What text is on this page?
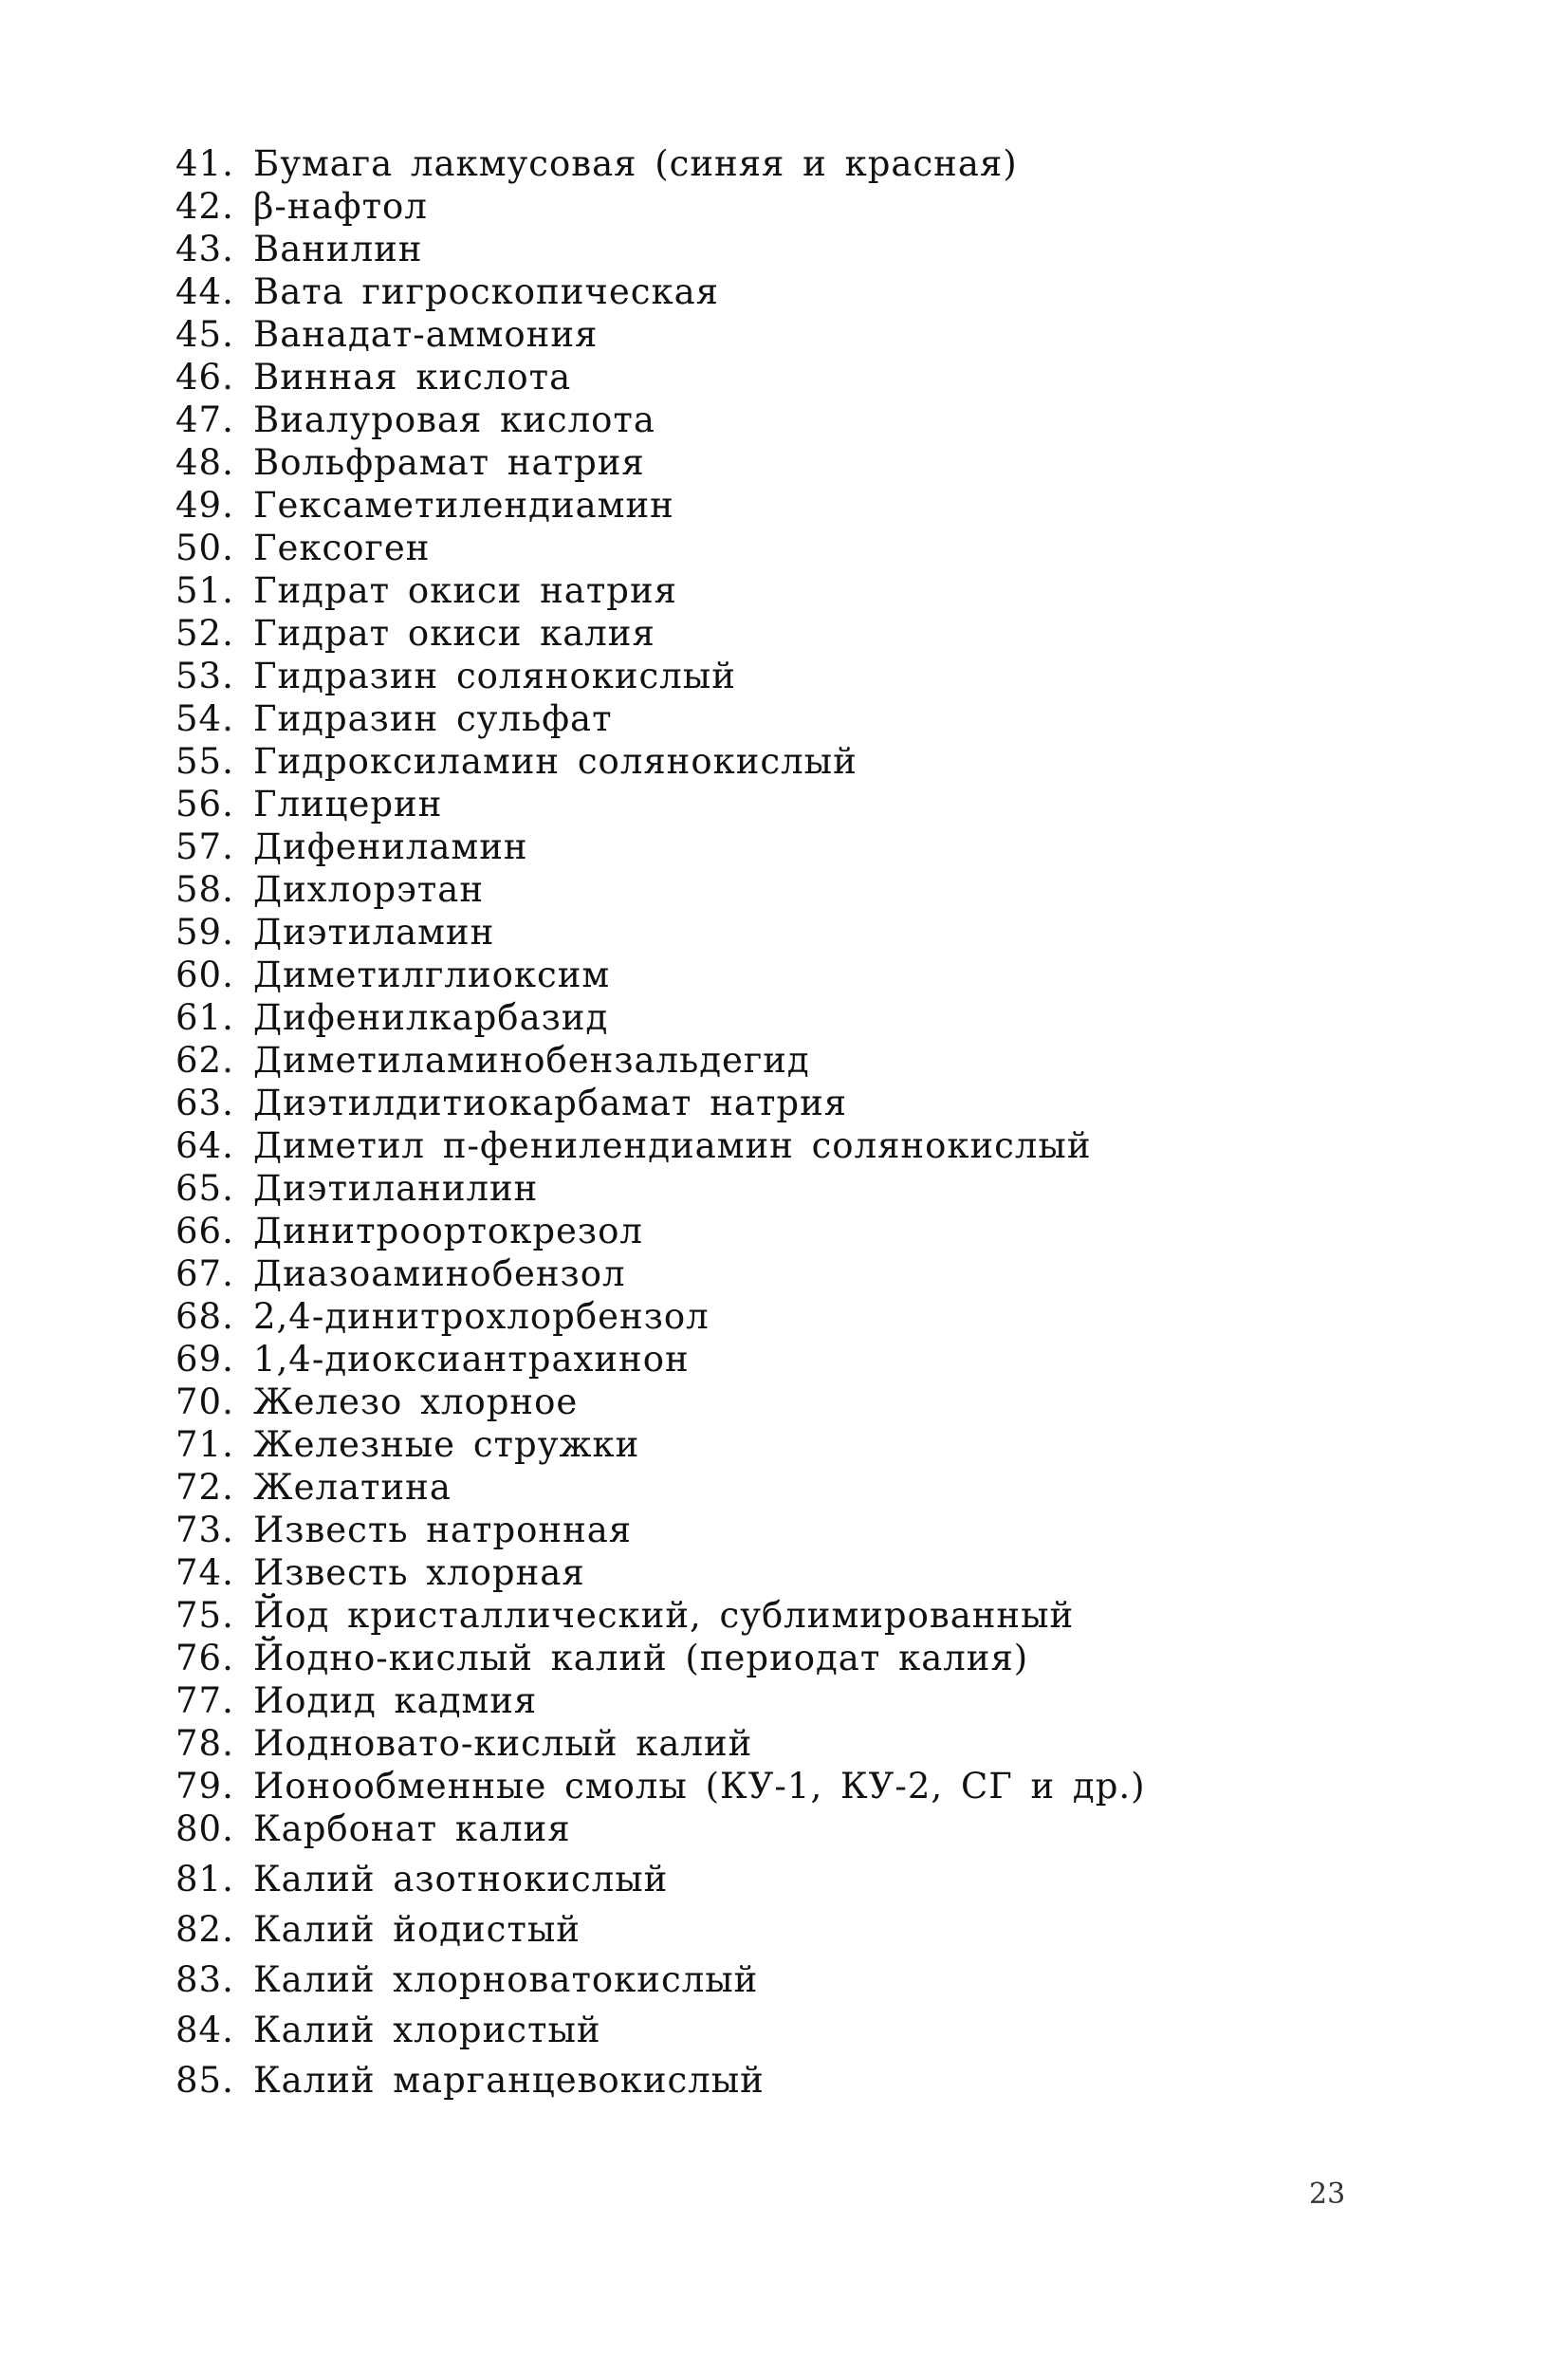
41. Бумага лакмусовая (синяя и красная)
42. β-нафтол
43. Ванилин
44. Вата гигроскопическая
45. Ванадат-аммония
46. Винная кислота
47. Виалуровая кислота
48. Вольфрамат натрия
49. Гексаметилендиамин
50. Гексоген
51. Гидрат окиси натрия
52. Гидрат окиси калия
53. Гидразин солянокислый
54. Гидразин сульфат
55. Гидроксиламин солянокислый
56. Глицерин
57. Дифениламин
58. Дихлорэтан
59. Диэтиламин
60. Диметилглиоксим
61. Дифенилкарбазид
62. Диметиламинобензальдегид
63. Диэтилдитиокарбамат натрия
64. Диметил п-фенилендиамин солянокислый
65. Диэтиланилин
66. Динитроортокрезол
67. Диазоаминобензол
68. 2,4-динитрохлорбензол
69. 1,4-диоксиантрахинон
70. Железо хлорное
71. Железные стружки
72. Желатина
73. Известь натронная
74. Известь хлорная
75. Йод кристаллический, сублимированный
76. Йодно-кислый калий (периодат калия)
77. Иодид кадмия
78. Иодновато-кислый калий
79. Ионообменные смолы (КУ-1, КУ-2, СГ и др.)
80. Карбонат калия
81. Калий азотнокислый
82. Калий йодистый
83. Калий хлорноватокислый
84. Калий хлористый
85. Калий марганцевокислый
23
